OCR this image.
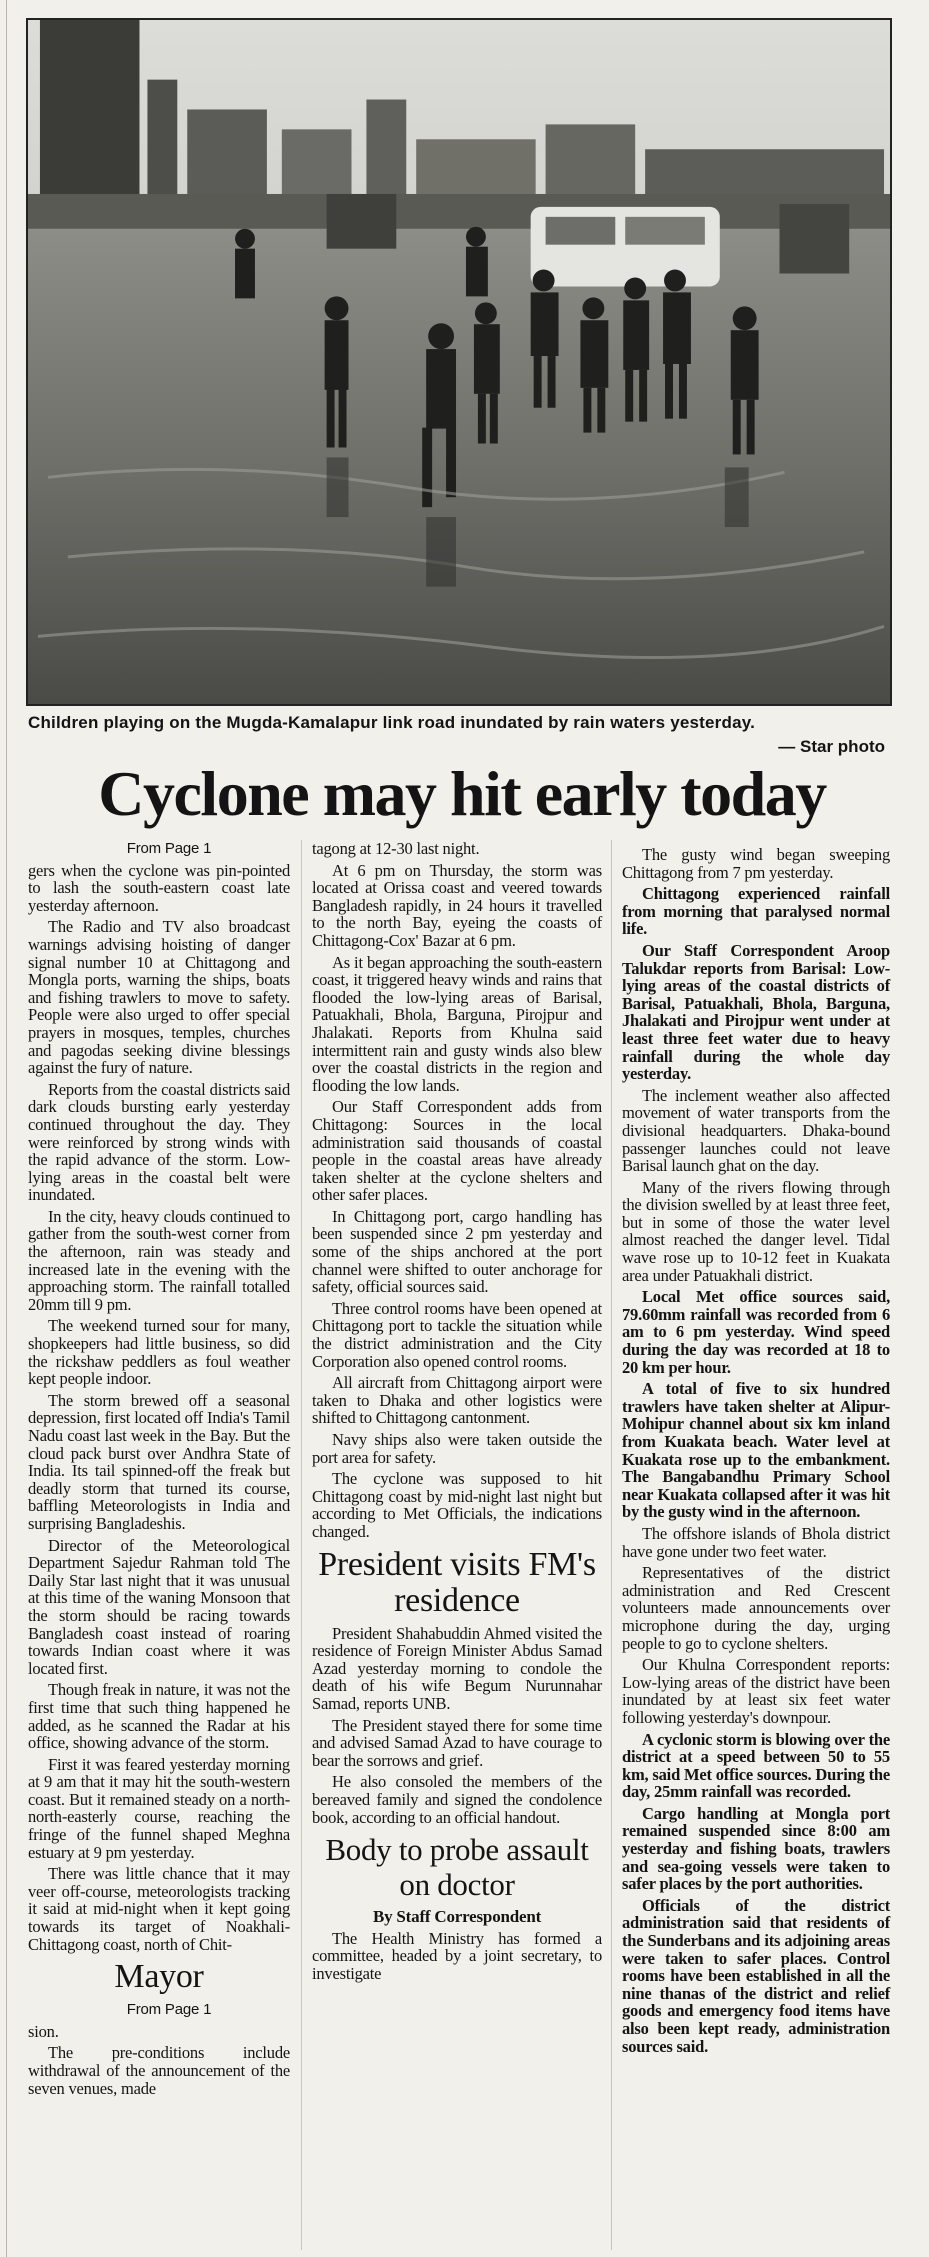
Children playing on the Mugda-Kamalapur link road inundated by rain waters yesterday.
— Star photo
Cyclone may hit early today

From Page 1

gers when the cyclone was pin-pointed to lash the south-eastern coast late yesterday afternoon.

The Radio and TV also broadcast warnings advising hoisting of danger signal number 10 at Chittagong and Mongla ports, warning the ships, boats and fishing trawlers to move to safety. People were also urged to offer special prayers in mosques, temples, churches and pagodas seeking divine blessings against the fury of nature.

Reports from the coastal districts said dark clouds bursting early yesterday continued throughout the day. They were reinforced by strong winds with the rapid advance of the storm. Low-lying areas in the coastal belt were inundated.

In the city, heavy clouds continued to gather from the south-west corner from the afternoon, rain was steady and increased late in the evening with the approaching storm. The rainfall totalled 20mm till 9 pm.

The weekend turned sour for many, shopkeepers had little business, so did the rickshaw peddlers as foul weather kept people indoor.

The storm brewed off a seasonal depression, first located off India's Tamil Nadu coast last week in the Bay. But the cloud pack burst over Andhra State of India. Its tail spinned-off the freak but deadly storm that turned its course, baffling Meteorologists in India and surprising Bangladeshis.

Director of the Meteorological Department Sajedur Rahman told The Daily Star last night that it was unusual at this time of the waning Monsoon that the storm should be racing towards Bangladesh coast instead of roaring towards Indian coast where it was located first.

Though freak in nature, it was not the first time that such thing happened he added, as he scanned the Radar at his office, showing advance of the storm.

First it was feared yesterday morning at 9 am that it may hit the south-western coast. But it remained steady on a north-north-easterly course, reaching the fringe of the funnel shaped Meghna estuary at 9 pm yesterday.

There was little chance that it may veer off-course, meteorologists tracking it said at mid-night when it kept going towards its target of Noakhali-Chittagong coast, north of Chit-

Mayor

From Page 1

sion.

The pre-conditions include withdrawal of the announcement of the seven venues, made

tagong at 12-30 last night.

At 6 pm on Thursday, the storm was located at Orissa coast and veered towards Bangladesh rapidly, in 24 hours it travelled to the north Bay, eyeing the coasts of Chittagong-Cox' Bazar at 6 pm.

As it began approaching the south-eastern coast, it triggered heavy winds and rains that flooded the low-lying areas of Barisal, Patuakhali, Bhola, Barguna, Pirojpur and Jhalakati. Reports from Khulna said intermittent rain and gusty winds also blew over the coastal districts in the region and flooding the low lands.

Our Staff Correspondent adds from Chittagong: Sources in the local administration said thousands of coastal people in the coastal areas have already taken shelter at the cyclone shelters and other safer places.

In Chittagong port, cargo handling has been suspended since 2 pm yesterday and some of the ships anchored at the port channel were shifted to outer anchorage for safety, official sources said.

Three control rooms have been opened at Chittagong port to tackle the situation while the district administration and the City Corporation also opened control rooms.

All aircraft from Chittagong airport were taken to Dhaka and other logistics were shifted to Chittagong cantonment.

Navy ships also were taken outside the port area for safety.

The cyclone was supposed to hit Chittagong coast by mid-night last night but according to Met Officials, the indications changed.

President visits FM's residence

President Shahabuddin Ahmed visited the residence of Foreign Minister Abdus Samad Azad yesterday morning to condole the death of his wife Begum Nurunnahar Samad, reports UNB.

The President stayed there for some time and advised Samad Azad to have courage to bear the sorrows and grief.

He also consoled the members of the bereaved family and signed the condolence book, according to an official handout.

Body to probe assault on doctor
By Staff Correspondent

The Health Ministry has formed a committee, headed by a joint secretary, to investigate

The gusty wind began sweeping Chittagong from 7 pm yesterday.

Chittagong experienced rainfall from morning that paralysed normal life.

Our Staff Correspondent Aroop Talukdar reports from Barisal: Low-lying areas of the coastal districts of Barisal, Patuakhali, Bhola, Barguna, Jhalakati and Pirojpur went under at least three feet water due to heavy rainfall during the whole day yesterday.

The inclement weather also affected movement of water transports from the divisional headquarters. Dhaka-bound passenger launches could not leave Barisal launch ghat on the day.

Many of the rivers flowing through the division swelled by at least three feet, but in some of those the water level almost reached the danger level. Tidal wave rose up to 10-12 feet in Kuakata area under Patuakhali district.

Local Met office sources said, 79.60mm rainfall was recorded from 6 am to 6 pm yesterday. Wind speed during the day was recorded at 18 to 20 km per hour.

A total of five to six hundred trawlers have taken shelter at Alipur-Mohipur channel about six km inland from Kuakata beach. Water level at Kuakata rose up to the embankment. The Bangabandhu Primary School near Kuakata collapsed after it was hit by the gusty wind in the afternoon.

The offshore islands of Bhola district have gone under two feet water.

Representatives of the district administration and Red Crescent volunteers made announcements over microphone during the day, urging people to go to cyclone shelters.

Our Khulna Correspondent reports: Low-lying areas of the district have been inundated by at least six feet water following yesterday's downpour.

A cyclonic storm is blowing over the district at a speed between 50 to 55 km, said Met office sources. During the day, 25mm rainfall was recorded.

Cargo handling at Mongla port remained suspended since 8:00 am yesterday and fishing boats, trawlers and sea-going vessels were taken to safer places by the port authorities.

Officials of the district administration said that residents of the Sunderbans and its adjoining areas were taken to safer places. Control rooms have been established in all the nine thanas of the district and relief goods and emergency food items have also been kept ready, administration sources said.
